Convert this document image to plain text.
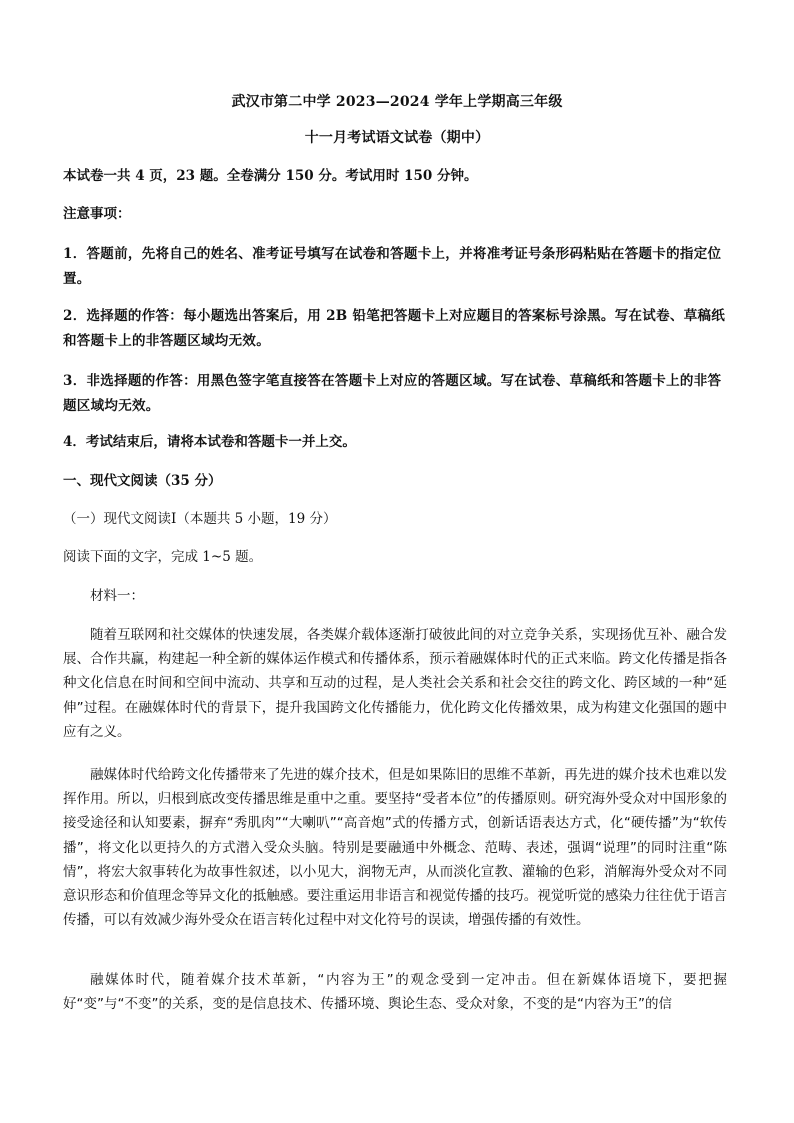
武汉市第二中学 2023—2024 学年上学期高三年级
十一月考试语文试卷（期中）
本试卷一共 4 页，23 题。全卷满分 150 分。考试用时 150 分钟。
注意事项：
1．答题前，先将自己的姓名、准考证号填写在试卷和答题卡上，并将准考证号条形码粘贴在答题卡的指定位置。
2．选择题的作答：每小题选出答案后，用 2B 铅笔把答题卡上对应题目的答案标号涂黑。写在试卷、草稿纸和答题卡上的非答题区域均无效。
3．非选择题的作答：用黑色签字笔直接答在答题卡上对应的答题区域。写在试卷、草稿纸和答题卡上的非答题区域均无效。
4．考试结束后，请将本试卷和答题卡一并上交。
一、现代文阅读（35 分）
（一）现代文阅读Ⅰ（本题共 5 小题，19 分）
阅读下面的文字，完成 1~5 题。
材料一：
随着互联网和社交媒体的快速发展，各类媒介载体逐渐打破彼此间的对立竞争关系，实现扬优互补、融合发展、合作共赢，构建起一种全新的媒体运作模式和传播体系，预示着融媒体时代的正式来临。跨文化传播是指各种文化信息在时间和空间中流动、共享和互动的过程，是人类社会关系和社会交往的跨文化、跨区域的一种“延伸”过程。在融媒体时代的背景下，提升我国跨文化传播能力，优化跨文化传播效果，成为构建文化强国的题中应有之义。
融媒体时代给跨文化传播带来了先进的媒介技术，但是如果陈旧的思维不革新，再先进的媒介技术也难以发挥作用。所以，归根到底改变传播思维是重中之重。要坚持“受者本位”的传播原则。研究海外受众对中国形象的接受途径和认知要素，摒弃“秀肌肉”“大喇叭”“高音炮”式的传播方式，创新话语表达方式，化“硬传播”为“软传播”，将文化以更持久的方式潜入受众头脑。特别是要融通中外概念、范畴、表述，强调“说理”的同时注重“陈情”，将宏大叙事转化为故事性叙述，以小见大，润物无声，从而淡化宣教、灌输的色彩，消解海外受众对不同意识形态和价值理念等异文化的抵触感。要注重运用非语言和视觉传播的技巧。视觉听觉的感染力往往优于语言传播，可以有效减少海外受众在语言转化过程中对文化符号的误读，增强传播的有效性。
融媒体时代，随着媒介技术革新，“内容为王”的观念受到一定冲击。但在新媒体语境下，要把握好“变”与“不变”的关系，变的是信息技术、传播环境、舆论生态、受众对象，不变的是“内容为王”的信
